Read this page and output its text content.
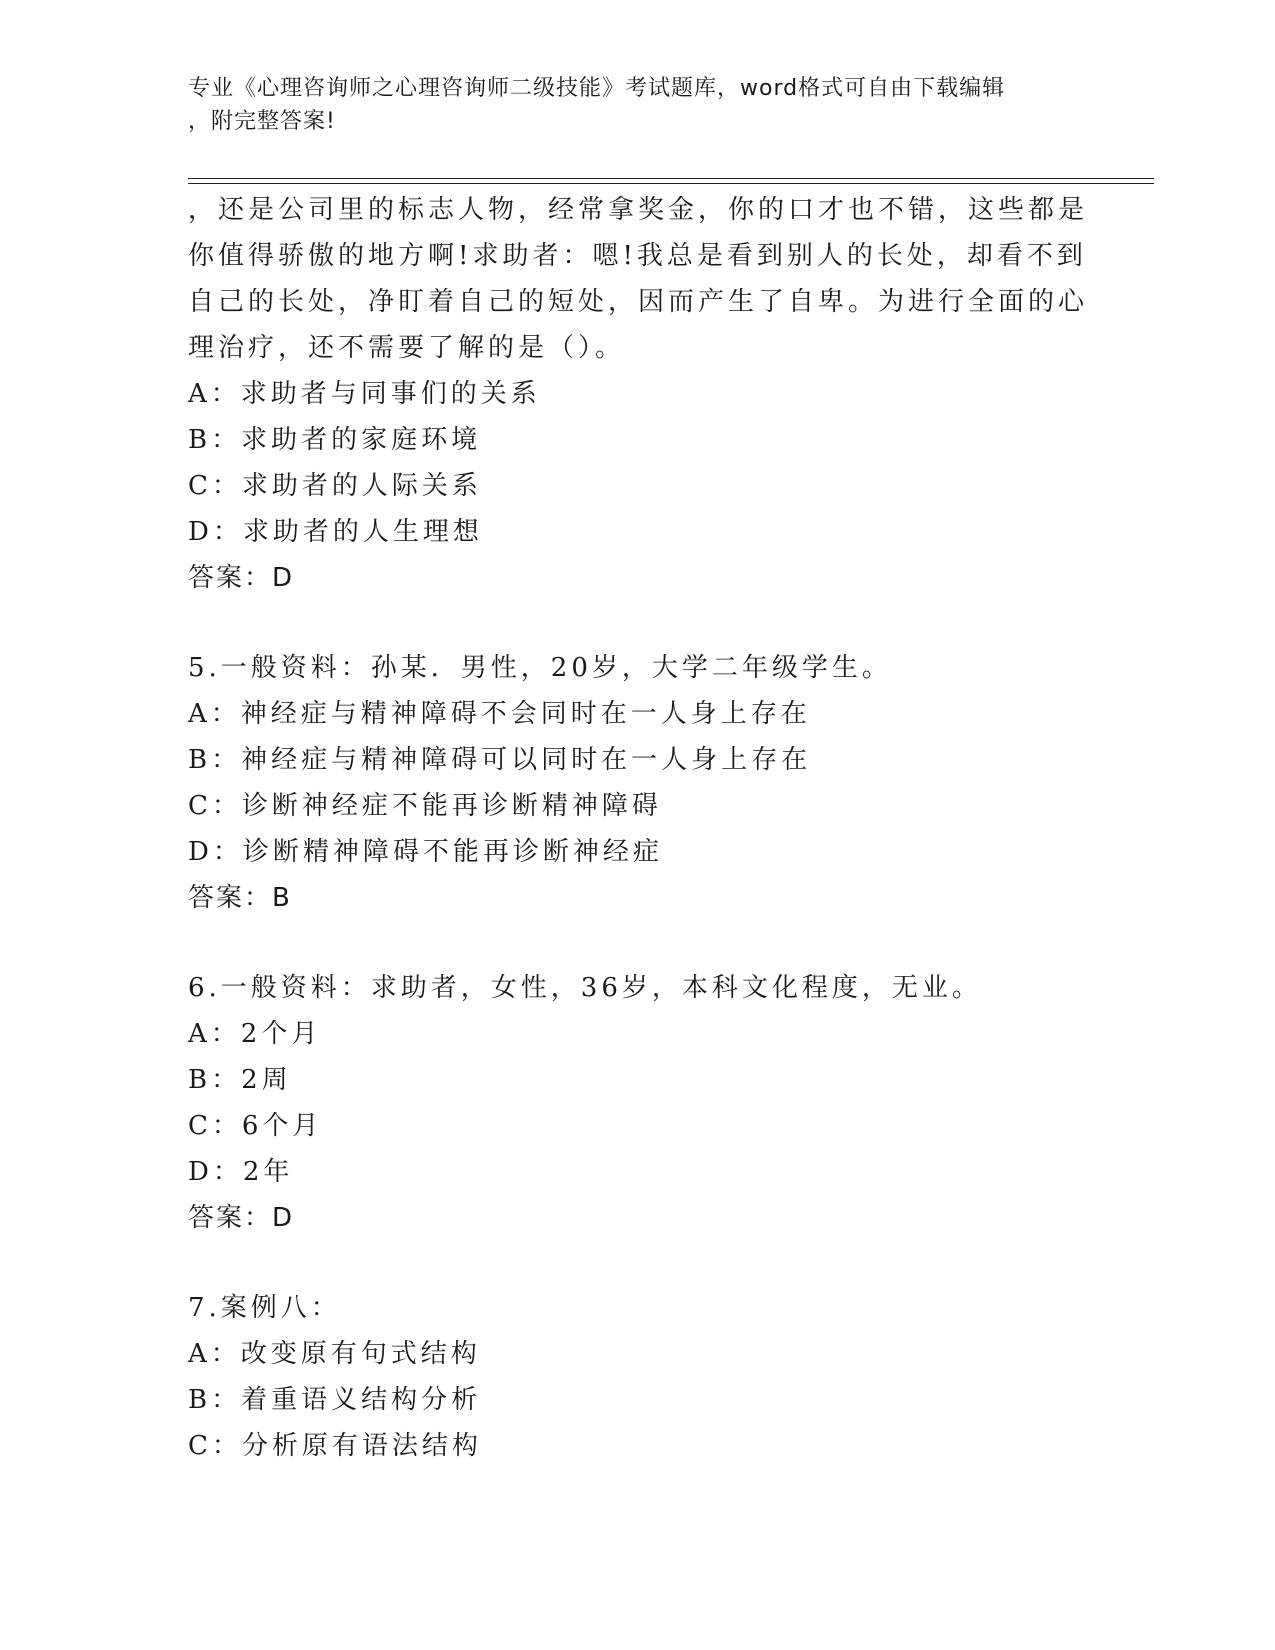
专业《心理咨询师之心理咨询师二级技能》考试题库，word格式可自由下载编辑
，附完整答案!
，还是公司里的标志人物，经常拿奖金，你的口才也不错，这些都是
你值得骄傲的地方啊!求助者：嗯!我总是看到别人的长处，却看不到
自己的长处，净盯着自己的短处，因而产生了自卑。为进行全面的心
理治疗，还不需要了解的是（）。
A：求助者与同事们的关系
B：求助者的家庭环境
C：求助者的人际关系
D：求助者的人生理想
答案：D
5.一般资料：孙某．男性，20岁，大学二年级学生。
A：神经症与精神障碍不会同时在一人身上存在
B：神经症与精神障碍可以同时在一人身上存在
C：诊断神经症不能再诊断精神障碍
D：诊断精神障碍不能再诊断神经症
答案：B
6.一般资料：求助者，女性，36岁，本科文化程度，无业。
A：2个月
B：2周
C：6个月
D：2年
答案：D
7.案例八：
A：改变原有句式结构
B：着重语义结构分析
C：分析原有语法结构
